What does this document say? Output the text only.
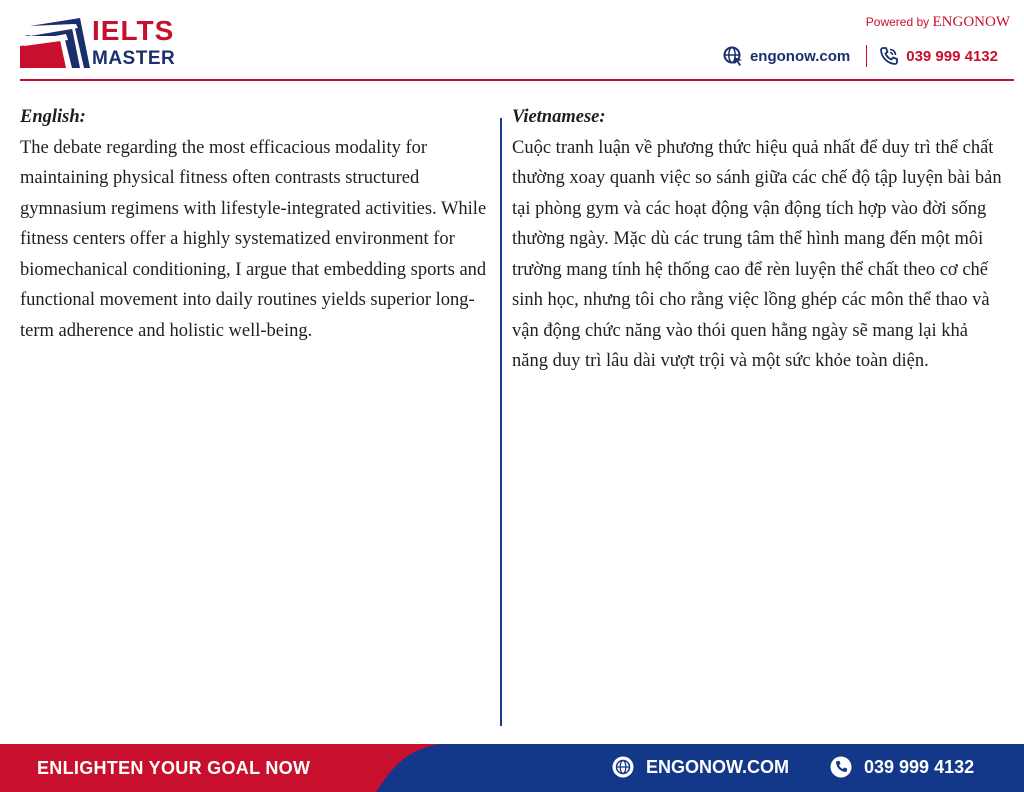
IELTS
MASTER
Powered by ENGONOW
engonow.com	039 999 4132
English:
The debate regarding the most efficacious modality for maintaining physical fitness often contrasts structured gymnasium regimens with lifestyle-integrated activities. While fitness centers offer a highly systematized environment for biomechanical conditioning, I argue that embedding sports and functional movement into daily routines yields superior long-term adherence and holistic well-being.
Vietnamese:
Cuộc tranh luận về phương thức hiệu quả nhất để duy trì thể chất thường xoay quanh việc so sánh giữa các chế độ tập luyện bài bản tại phòng gym và các hoạt động vận động tích hợp vào đời sống thường ngày. Mặc dù các trung tâm thể hình mang đến một môi trường mang tính hệ thống cao để rèn luyện thể chất theo cơ chế sinh học, nhưng tôi cho rằng việc lồng ghép các môn thể thao và vận động chức năng vào thói quen hằng ngày sẽ mang lại khả năng duy trì lâu dài vượt trội và một sức khỏe toàn diện.
ENLIGHTEN YOUR GOAL NOW	ENGONOW.COM	039 999 4132
